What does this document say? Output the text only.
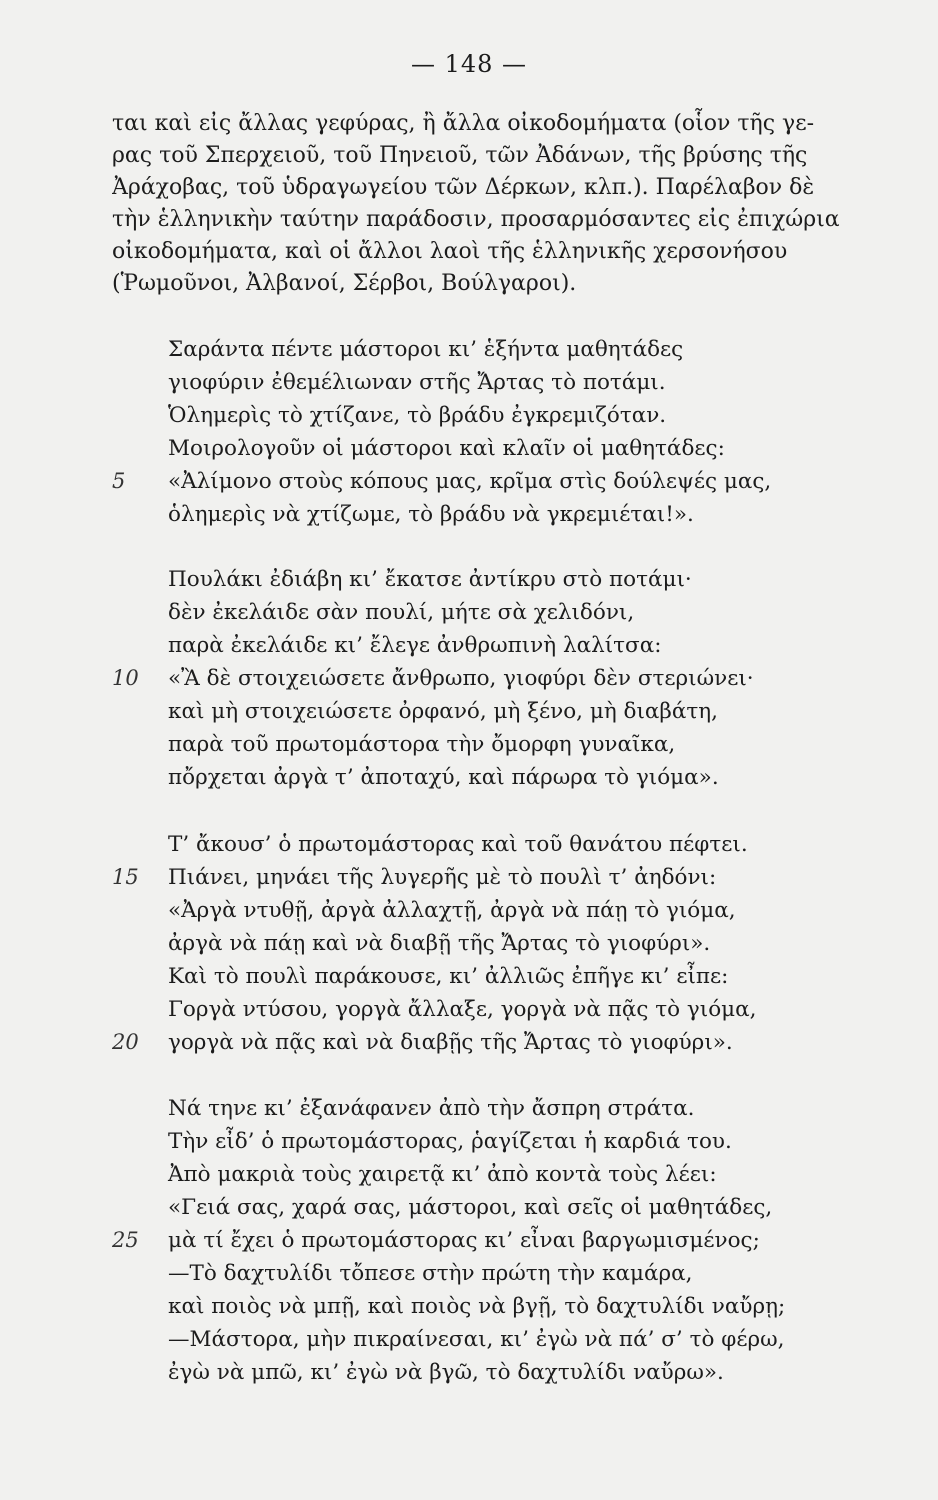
— 148 —
ται καὶ εἰς ἄλλας γεφύρας, ἢ ἄλλα οἰκοδομήματα (οἷον τῆς γε-
ρας τοῦ Σπερχειοῦ, τοῦ Πηνειοῦ, τῶν Ἀδάνων, τῆς βρύσης τῆς
Ἀράχοβας, τοῦ ὑδραγωγείου τῶν Δέρκων, κλπ.). Παρέλαβον δὲ
τὴν ἑλληνικὴν ταύτην παράδοσιν, προσαρμόσαντες εἰς ἐπιχώρια
οἰκοδομήματα, καὶ οἱ ἄλλοι λαοὶ τῆς ἑλληνικῆς χερσονήσου
(Ῥωμοῦνοι, Ἀλβανοί, Σέρβοι, Βούλγαροι).
Σαράντα πέντε μάστοροι κι’ ἑξήντα μαθητάδες
γιοφύριν ἐθεμέλιωναν στῆς Ἄρτας τὸ ποτάμι.
Ὁλημερὶς τὸ χτίζανε, τὸ βράδυ ἐγκρεμιζόταν.
Μοιρολογοῦν οἱ μάστοροι καὶ κλαῖν οἱ μαθητάδες:
5	«Ἀλίμονο στοὺς κόπους μας, κρῖμα στὶς δούλεψές μας,
ὁλημερὶς νὰ χτίζωμε, τὸ βράδυ νὰ γκρεμιέται!».
Πουλάκι ἐδιάβη κι’ ἔκατσε ἀντίκρυ στὸ ποτάμι·
δὲν ἐκελάιδε σὰν πουλί, μήτε σὰ χελιδόνι,
παρὰ ἐκελάιδε κι’ ἔλεγε ἀνθρωπινὴ λαλίτσα:
10	«Ἂ δὲ στοιχειώσετε ἄνθρωπο, γιοφύρι δὲν στεριώνει·
καὶ μὴ στοιχειώσετε ὀρφανό, μὴ ξένο, μὴ διαβάτη,
παρὰ τοῦ πρωτομάστορα τὴν ὄμορφη γυναῖκα,
πὄρχεται ἀργὰ τ’ ἀποταχύ, καὶ πάρωρα τὸ γιόμα».
Τ’ ἄκουσ’ ὁ πρωτομάστορας καὶ τοῦ θανάτου πέφτει.
15	Πιάνει, μηνάει τῆς λυγερῆς μὲ τὸ πουλὶ τ’ ἀηδόνι:
«Ἀργὰ ντυθῇ, ἀργὰ ἀλλαχτῇ, ἀργὰ νὰ πάῃ τὸ γιόμα,
ἀργὰ νὰ πάῃ καὶ νὰ διαβῇ τῆς Ἄρτας τὸ γιοφύρι».
Καὶ τὸ πουλὶ παράκουσε, κι’ ἀλλιῶς ἐπῆγε κι’ εἶπε:
Γοργὰ ντύσου, γοργὰ ἄλλαξε, γοργὰ νὰ πᾷς τὸ γιόμα,
20	γοργὰ νὰ πᾷς καὶ νὰ διαβῇς τῆς Ἄρτας τὸ γιοφύρι».
Νά τηνε κι’ ἐξανάφανεν ἀπὸ τὴν ἄσπρη στράτα.
Τὴν εἶδ’ ὁ πρωτομάστορας, ῥαγίζεται ἡ καρδιά του.
Ἀπὸ μακριὰ τοὺς χαιρετᾷ κι’ ἀπὸ κοντὰ τοὺς λέει:
«Γειά σας, χαρά σας, μάστοροι, καὶ σεῖς οἱ μαθητάδες,
25	μὰ τί ἔχει ὁ πρωτομάστορας κι’ εἶναι βαργωμισμένος;
—Τὸ δαχτυλίδι τὄπεσε στὴν πρώτη τὴν καμάρα,
καὶ ποιὸς νὰ μπῇ, καὶ ποιὸς νὰ βγῇ, τὸ δαχτυλίδι ναὔρῃ;
—Μάστορα, μὴν πικραίνεσαι, κι’ ἐγὼ νὰ πά’ σ’ τὸ φέρω,
ἐγὼ νὰ μπῶ, κι’ ἐγὼ νὰ βγῶ, τὸ δαχτυλίδι ναὔρω».
